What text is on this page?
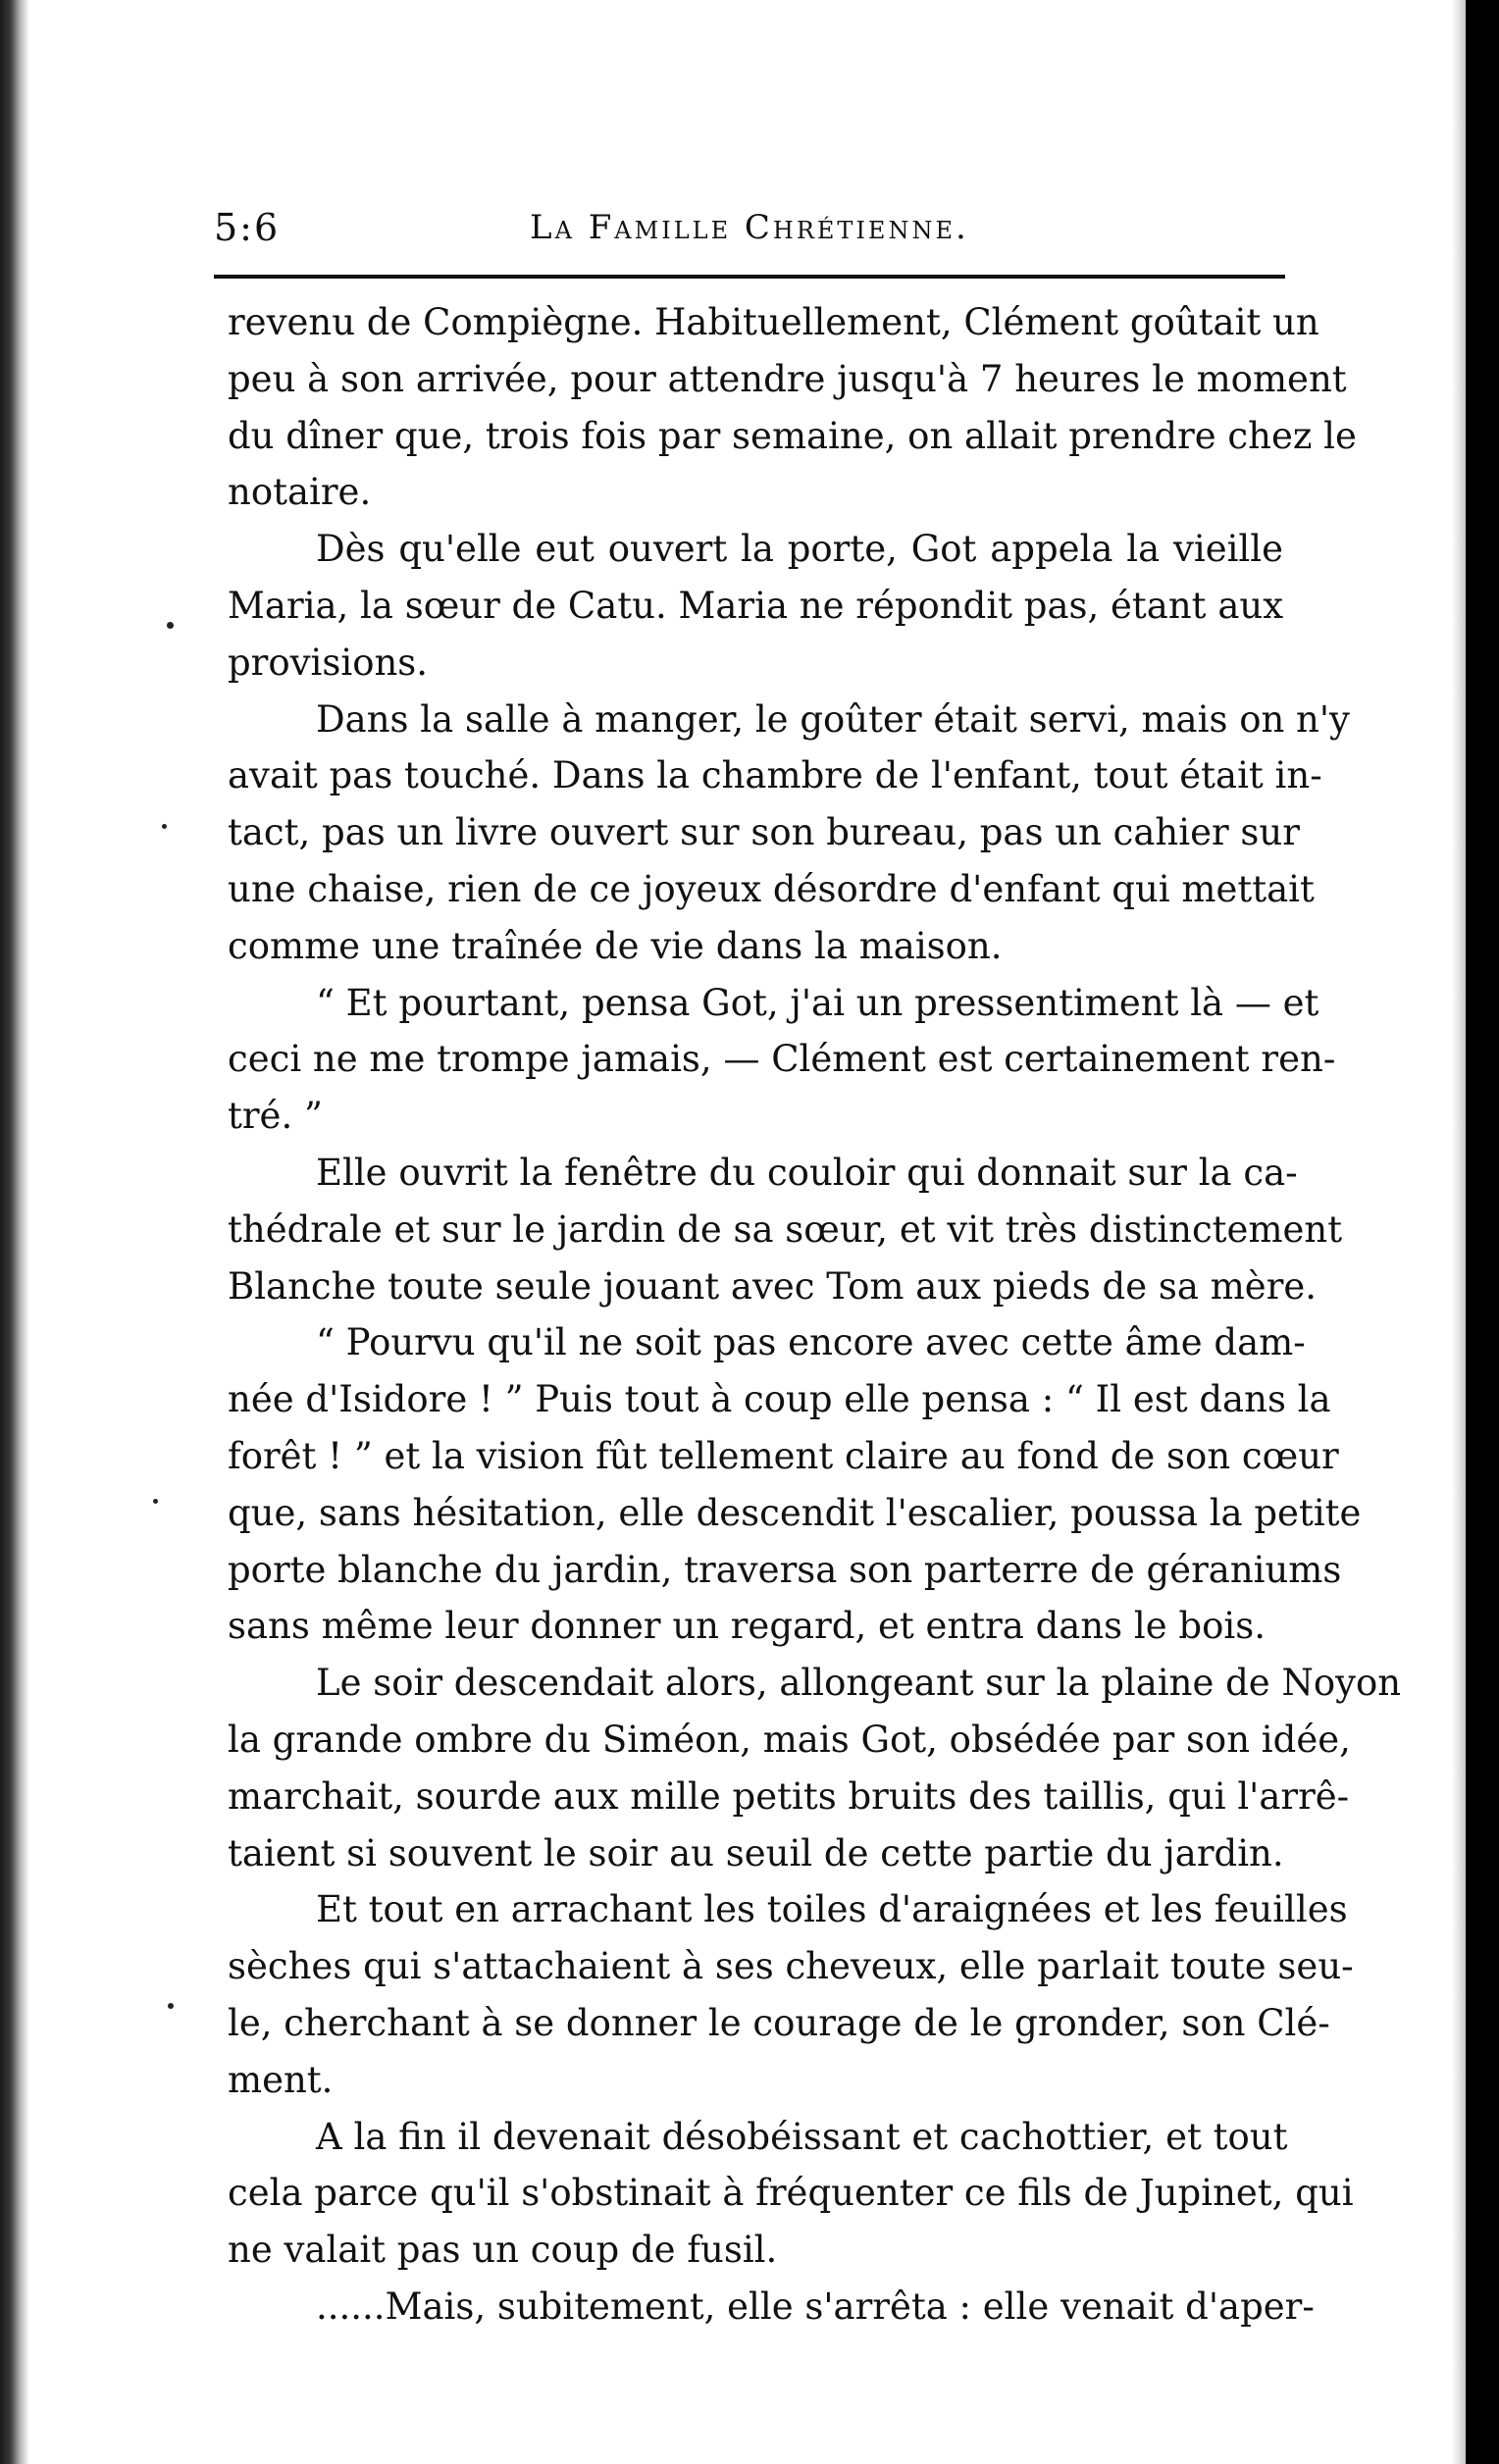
5:6	La Famille Chrétienne.

revenu de Compiègne. Habituellement, Clément goûtait un
peu à son arrivée, pour attendre jusqu'à 7 heures le moment
du dîner que, trois fois par semaine, on allait prendre chez le
notaire.

Dès qu'elle eut ouvert la porte, Got appela la vieille
Maria, la sœur de Catu. Maria ne répondit pas, étant aux
provisions.

Dans la salle à manger, le goûter était servi, mais on n'y
avait pas touché. Dans la chambre de l'enfant, tout était in-
tact, pas un livre ouvert sur son bureau, pas un cahier sur
une chaise, rien de ce joyeux désordre d'enfant qui mettait
comme une traînée de vie dans la maison.

“ Et pourtant, pensa Got, j'ai un pressentiment là — et
ceci ne me trompe jamais, — Clément est certainement ren-
tré. ”

Elle ouvrit la fenêtre du couloir qui donnait sur la ca-
thédrale et sur le jardin de sa sœur, et vit très distinctement
Blanche toute seule jouant avec Tom aux pieds de sa mère.

“ Pourvu qu'il ne soit pas encore avec cette âme dam-
née d'Isidore ! ” Puis tout à coup elle pensa : “ Il est dans la
forêt ! ” et la vision fût tellement claire au fond de son cœur
que, sans hésitation, elle descendit l'escalier, poussa la petite
porte blanche du jardin, traversa son parterre de géraniums
sans même leur donner un regard, et entra dans le bois.

Le soir descendait alors, allongeant sur la plaine de Noyon
la grande ombre du Siméon, mais Got, obsédée par son idée,
marchait, sourde aux mille petits bruits des taillis, qui l'arrê-
taient si souvent le soir au seuil de cette partie du jardin.

Et tout en arrachant les toiles d'araignées et les feuilles
sèches qui s'attachaient à ses cheveux, elle parlait toute seu-
le, cherchant à se donner le courage de le gronder, son Clé-
ment.

A la fin il devenait désobéissant et cachottier, et tout
cela parce qu'il s'obstinait à fréquenter ce fils de Jupinet, qui
ne valait pas un coup de fusil.

......Mais, subitement, elle s'arrêta : elle venait d'aper-
